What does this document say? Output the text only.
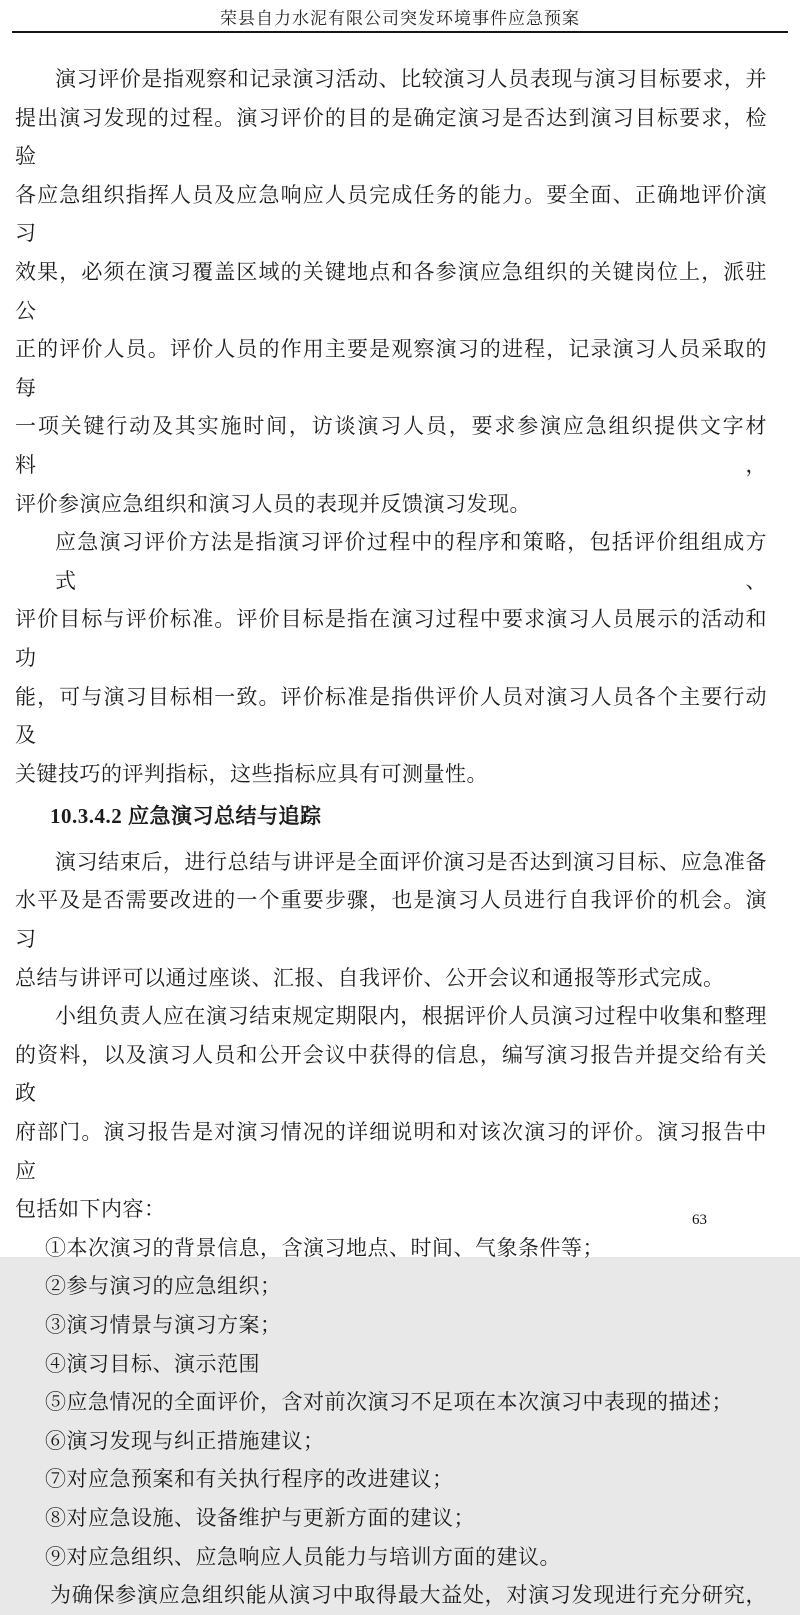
荣县自力水泥有限公司突发环境事件应急预案
演习评价是指观察和记录演习活动、比较演习人员表现与演习目标要求，并
提出演习发现的过程。演习评价的目的是确定演习是否达到演习目标要求，检验
各应急组织指挥人员及应急响应人员完成任务的能力。要全面、正确地评价演习
效果，必须在演习覆盖区域的关键地点和各参演应急组织的关键岗位上，派驻公
正的评价人员。评价人员的作用主要是观察演习的进程，记录演习人员采取的每
一项关键行动及其实施时间，访谈演习人员，要求参演应急组织提供文字材料，
评价参演应急组织和演习人员的表现并反馈演习发现。
应急演习评价方法是指演习评价过程中的程序和策略，包括评价组组成方式、
评价目标与评价标准。评价目标是指在演习过程中要求演习人员展示的活动和功
能，可与演习目标相一致。评价标准是指供评价人员对演习人员各个主要行动及
关键技巧的评判指标，这些指标应具有可测量性。
10.3.4.2 应急演习总结与追踪
演习结束后，进行总结与讲评是全面评价演习是否达到演习目标、应急准备
水平及是否需要改进的一个重要步骤，也是演习人员进行自我评价的机会。演习
总结与讲评可以通过座谈、汇报、自我评价、公开会议和通报等形式完成。
小组负责人应在演习结束规定期限内，根据评价人员演习过程中收集和整理
的资料，以及演习人员和公开会议中获得的信息，编写演习报告并提交给有关政
府部门。演习报告是对演习情况的详细说明和对该次演习的评价。演习报告中应
包括如下内容：
①本次演习的背景信息，含演习地点、时间、气象条件等；
②参与演习的应急组织；
③演习情景与演习方案；
④演习目标、演示范围
⑤应急情况的全面评价，含对前次演习不足项在本次演习中表现的描述；
⑥演习发现与纠正措施建议；
⑦对应急预案和有关执行程序的改进建议；
⑧对应急设施、设备维护与更新方面的建议；
⑨对应急组织、应急响应人员能力与培训方面的建议。
为确保参演应急组织能从演习中取得最大益处，对演习发现进行充分研究，
63
